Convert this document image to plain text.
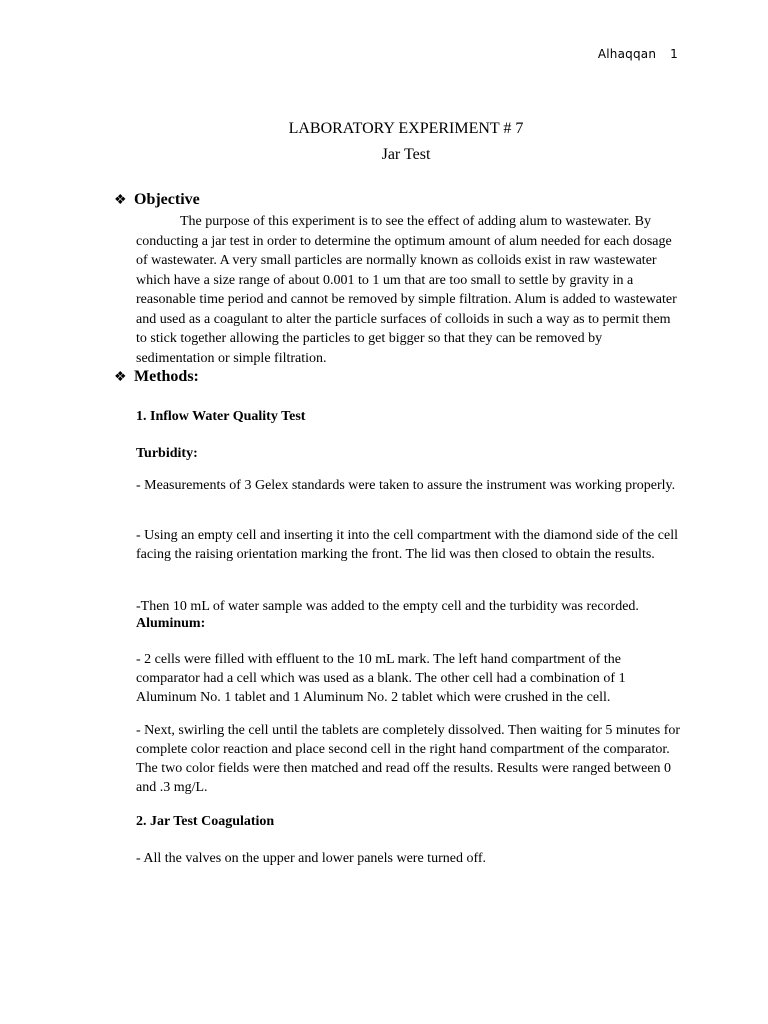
Alhaqqan 1
LABORATORY EXPERIMENT # 7
Jar Test
❖ Objective
The purpose of this experiment is to see the effect of adding alum to wastewater. By conducting a jar test in order to determine the optimum amount of alum needed for each dosage of wastewater. A very small particles are normally known as colloids exist in raw wastewater which have a size range of about 0.001 to 1 um that are too small to settle by gravity in a reasonable time period and cannot be removed by simple filtration. Alum is added to wastewater and used as a coagulant to alter the particle surfaces of colloids in such a way as to permit them to stick together allowing the particles to get bigger so that they can be removed by sedimentation or simple filtration.
❖ Methods:
1. Inflow Water Quality Test
Turbidity:
- Measurements of 3 Gelex standards were taken to assure the instrument was working properly.
- Using an empty cell and inserting it into the cell compartment with the diamond side of the cell facing the raising orientation marking the front. The lid was then closed to obtain the results.
-Then 10 mL of water sample was added to the empty cell and the turbidity was recorded.
Aluminum:
- 2 cells were filled with effluent to the 10 mL mark. The left hand compartment of the comparator had a cell which was used as a blank. The other cell had a combination of 1 Aluminum No. 1 tablet and 1 Aluminum No. 2 tablet which were crushed in the cell.
- Next, swirling the cell until the tablets are completely dissolved. Then waiting for 5 minutes for complete color reaction and place second cell in the right hand compartment of the comparator. The two color fields were then matched and read off the results. Results were ranged between 0 and .3 mg/L.
2. Jar Test Coagulation
- All the valves on the upper and lower panels were turned off.
